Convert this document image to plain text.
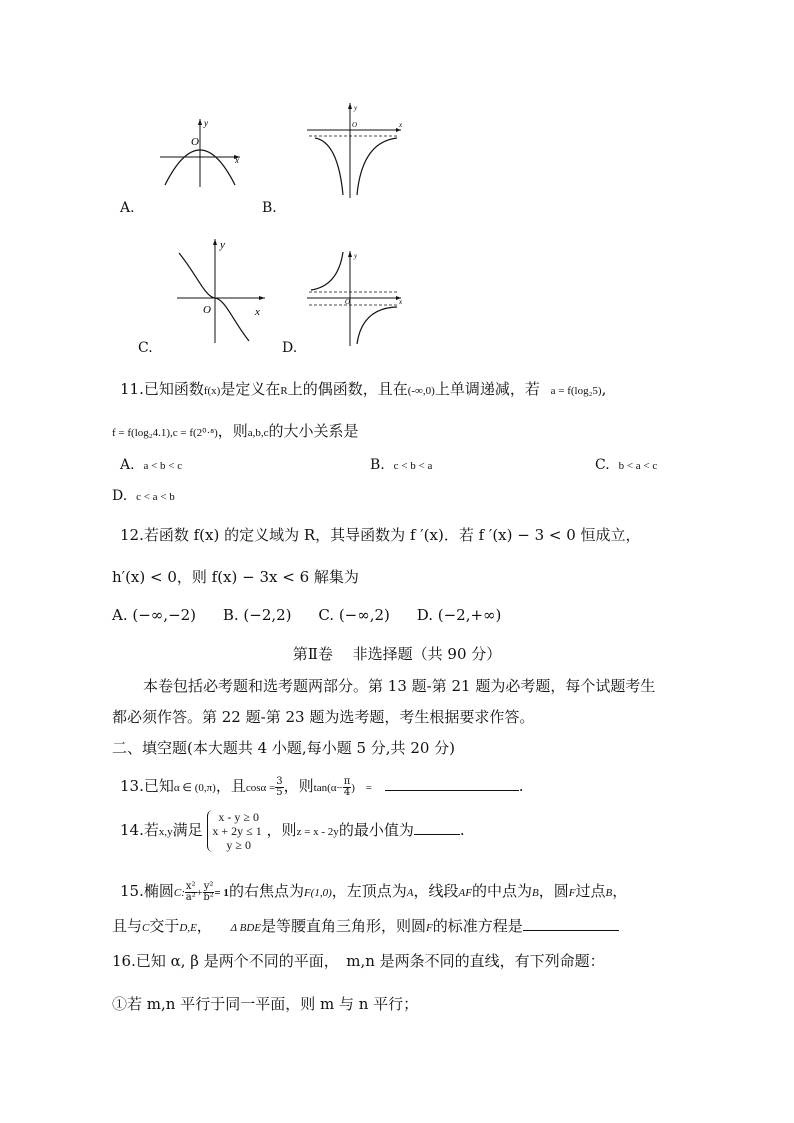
y
O
x
A.
y
O	x
B.
y
O	x
C.
y
O	x
D.
11.已知函数f(x)是定义在R上的偶函数，且在(-∞,0)上单调递减，若 a = f(log₂5),
f = f(log₂4.1),c = f(2⁰·⁸)，则a,b,c的大小关系是
A. a < b < c	B. c < b < a	C. b < a < c
D. c < a < b
12.若函数 f(x) 的定义域为 R，其导函数为 f ′(x)．若 f ′(x) − 3 < 0 恒成立，
h′(x) < 0，则 f(x) − 3x < 6 解集为
A. (−∞,−2) B. (−2,2) C. (−∞,2) D. (−2,+∞)
第Ⅱ卷　 非选择题（共 90 分）
本卷包括必考题和选考题两部分。第 13 题-第 21 题为必考题，每个试题考生
都必须作答。第 22 题-第 23 题为选考题，考生根据要求作答。
二、填空题(本大题共 4 小题,每小题 5 分,共 20 分)
13.已知α ∈ (0,π)，且$\cos\alpha = \frac{3}{5}$ ，则$\tan(\alpha- \frac{\pi}{4}$ ) =	.
14.若x,y满足 x - y ≥ 0
x + 2y ≤ 1
y ≥ 0 ，则z = x - 2y的最小值为	.
15.椭圆C: $\frac{\text{x²}}{\text{a²}} + \frac{\text{y²}}{\text{b²}} = 1$的右焦点为F(1,0)，左顶点为A，线段AF的中点为B，圆F过点B，
且与C交于D,E， Δ BDE是等腰直角三角形，则圆F的标准方程是
16.已知 α, β 是两个不同的平面，　m,n 是两条不同的直线，有下列命题：
①若 m,n 平行于同一平面，则 m 与 n 平行；
